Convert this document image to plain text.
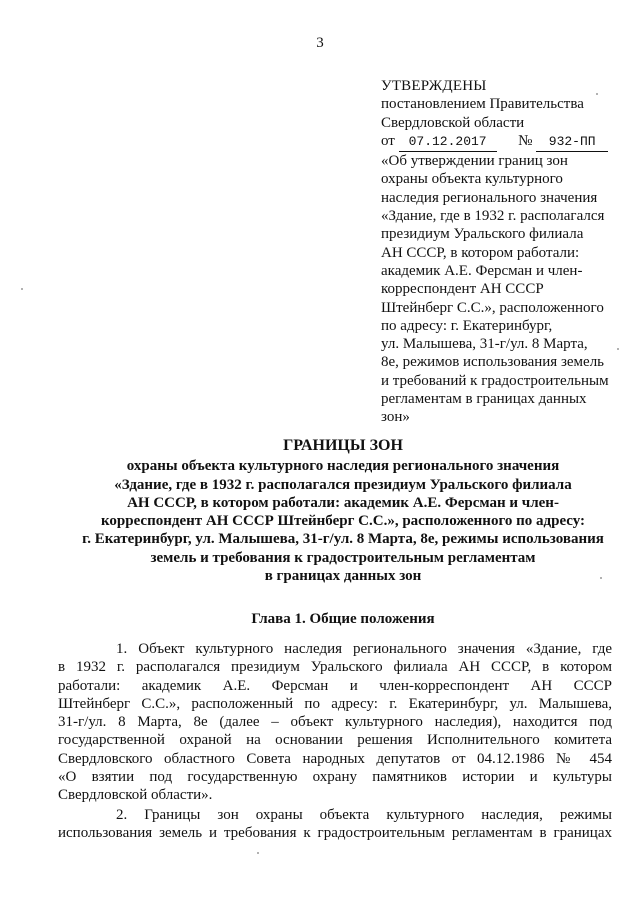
3
УТВЕРЖДЕНЫ
постановлением Правительства
Свердловской области
от 07.12.2017 № 932-ПП
«Об утверждении границ зон
охраны объекта культурного
наследия регионального значения
«Здание, где в 1932 г. располагался
президиум Уральского филиала
АН СССР, в котором работали:
академик А.Е. Ферсман и член-
корреспондент АН СССР
Штейнберг С.С.», расположенного
по адресу: г. Екатеринбург,
ул. Малышева, 31-г/ул. 8 Марта,
8е, режимов использования земель
и требований к градостроительным
регламентам в границах данных
зон»
ГРАНИЦЫ ЗОН
охраны объекта культурного наследия регионального значения
«Здание, где в 1932 г. располагался президиум Уральского филиала
АН СССР, в котором работали: академик А.Е. Ферсман и член-
корреспондент АН СССР Штейнберг С.С.», расположенного по адресу:
г. Екатеринбург, ул. Малышева, 31-г/ул. 8 Марта, 8е, режимы использования
земель и требования к градостроительным регламентам
в границах данных зон
Глава 1. Общие положения
1. Объект культурного наследия регионального значения «Здание, где
в 1932 г. располагался президиум Уральского филиала АН СССР, в котором
работали: академик А.Е. Ферсман и член-корреспондент АН СССР
Штейнберг С.С.», расположенный по адресу: г. Екатеринбург, ул. Малышева,
31-г/ул. 8 Марта, 8е (далее – объект культурного наследия), находится под
государственной охраной на основании решения Исполнительного комитета
Свердловского областного Совета народных депутатов от 04.12.1986 № 454
«О взятии под государственную охрану памятников истории и культуры
Свердловской области».
2. Границы зон охраны объекта культурного наследия, режимы
использования земель и требования к градостроительным регламентам в границах
